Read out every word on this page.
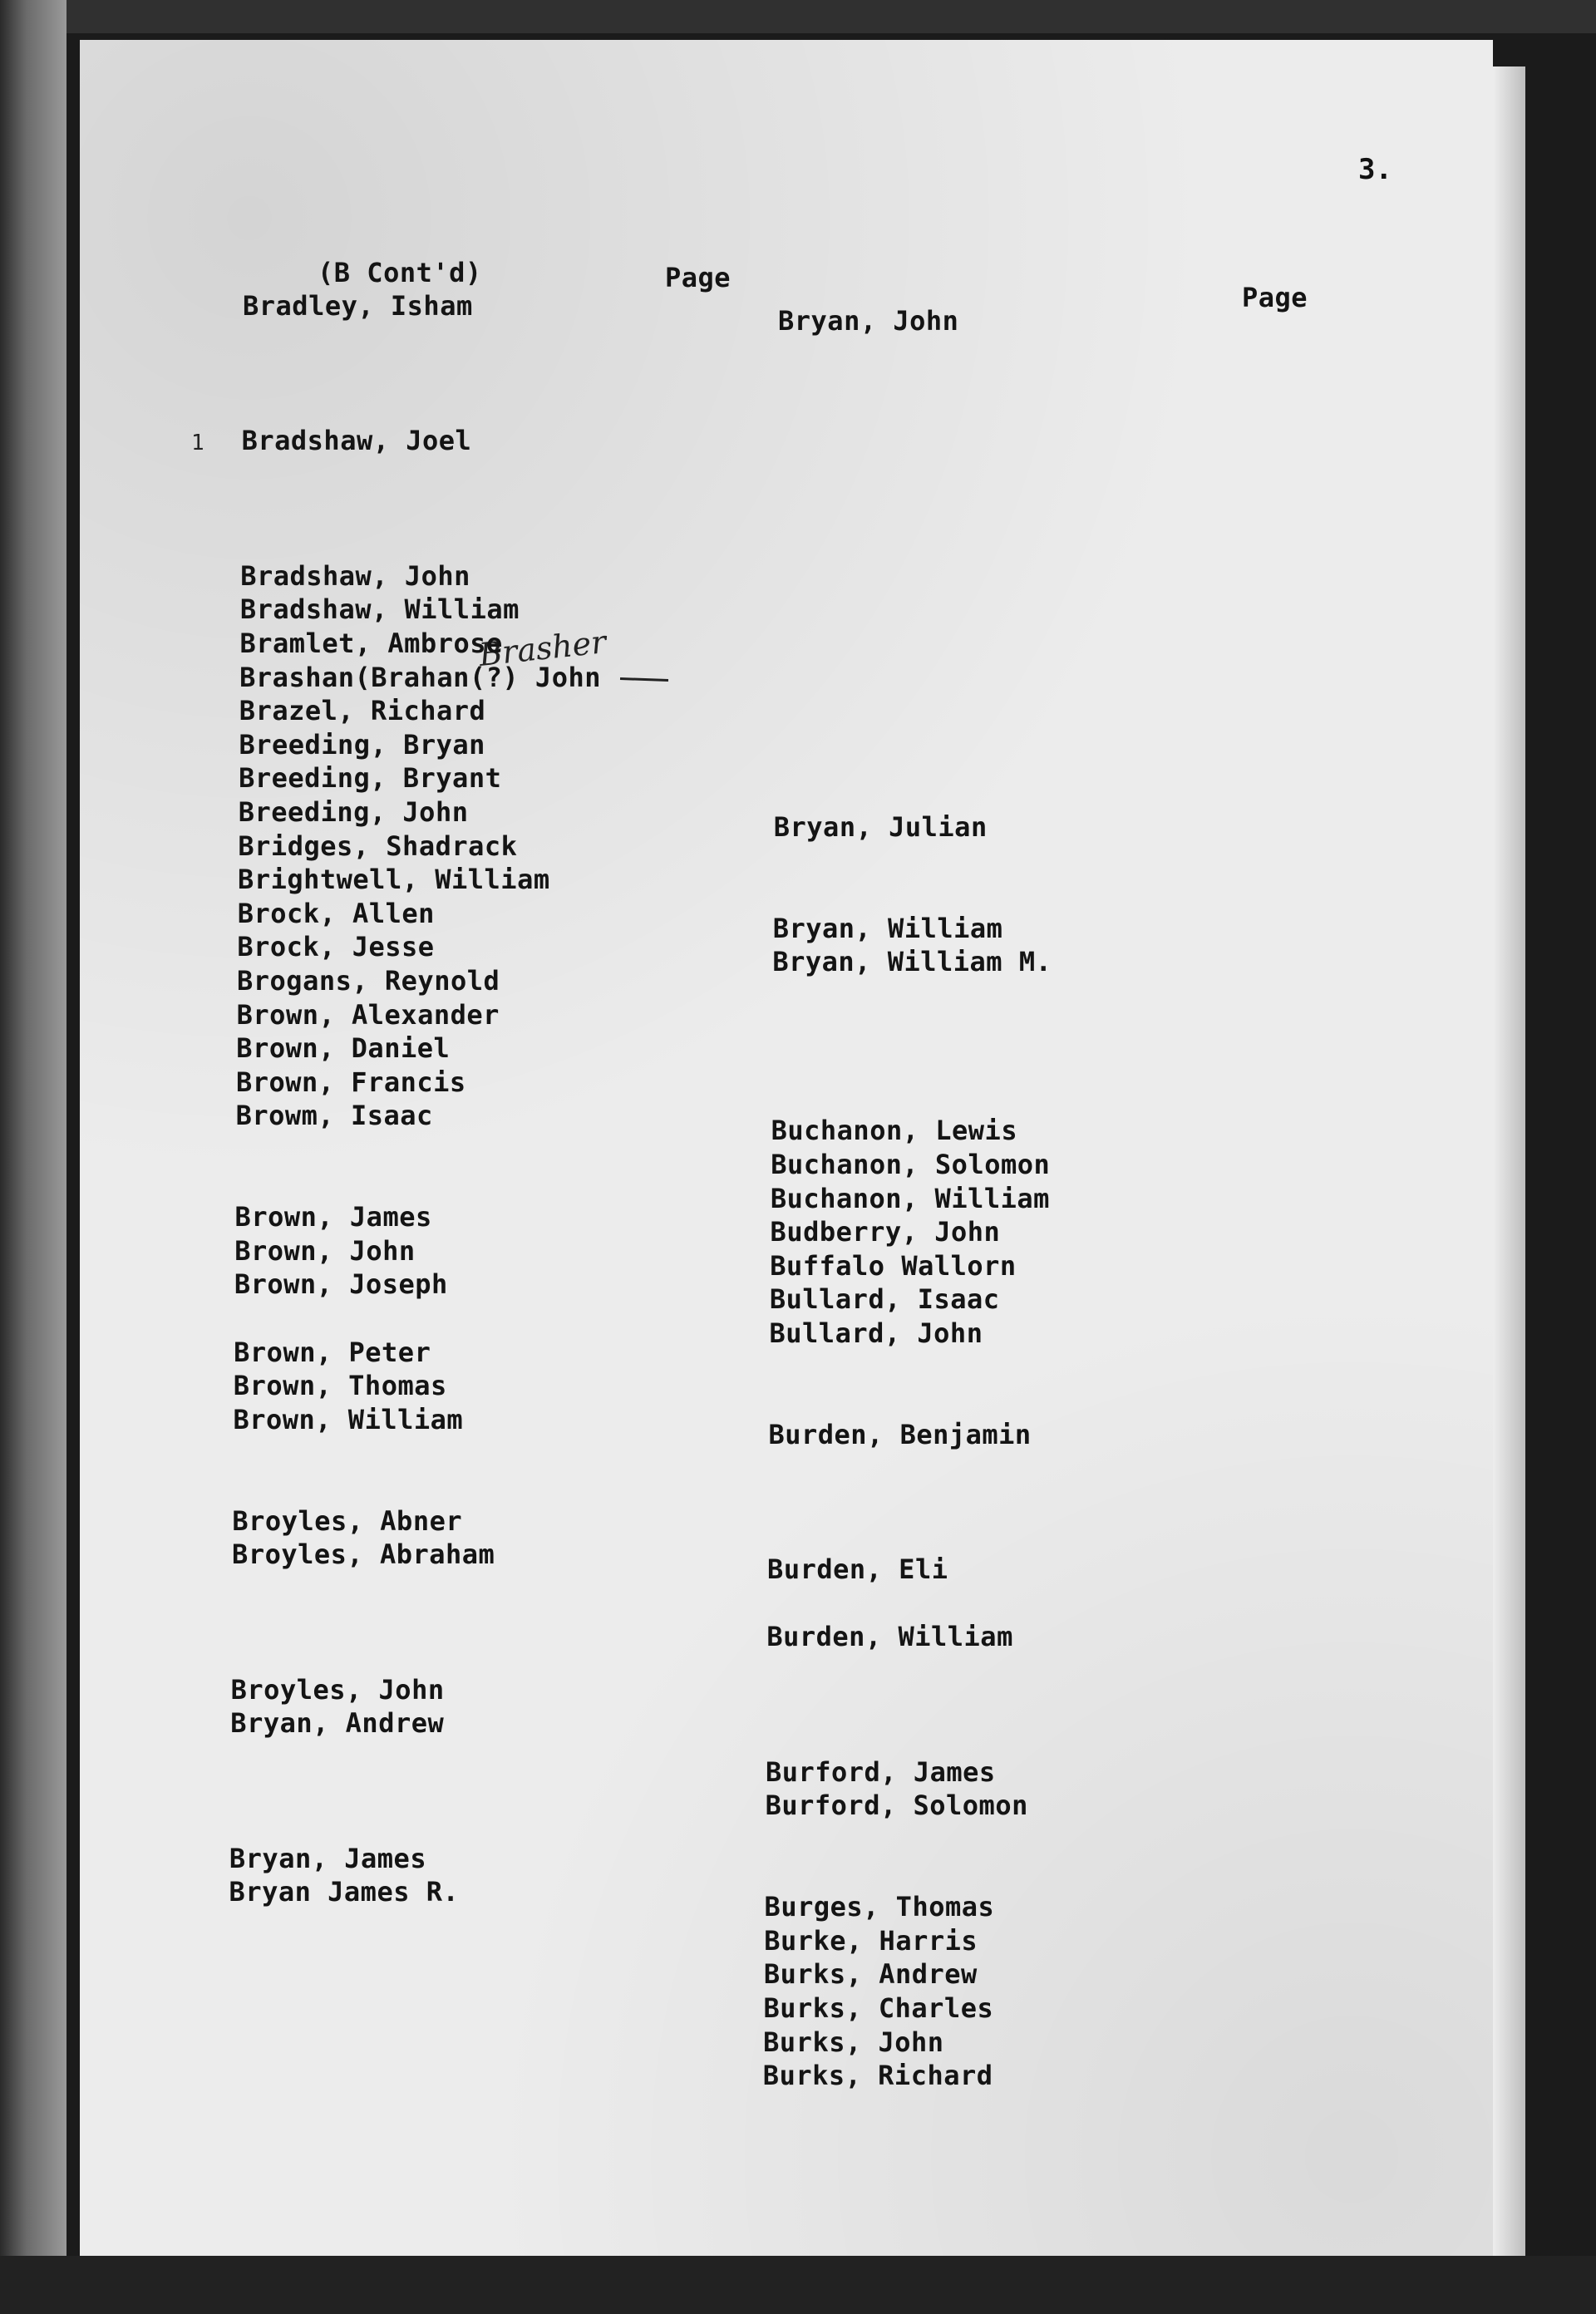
3.
(B Cont'd)	Page
Page
1
Brasher
Bradley, Isham
Bradshaw, Joel
Bradshaw, John
Bradshaw, William
Bramlet, Ambrose
Brashan(Brahan(?) John
Brazel, Richard
Breeding, Bryan
Breeding, Bryant
Breeding, John
Bridges, Shadrack
Brightwell, William
Brock, Allen
Brock, Jesse
Brogans, Reynold
Brown, Alexander
Brown, Daniel
Brown, Francis
Browm, Isaac
Brown, James
Brown, John
Brown, Joseph
Brown, Peter
Brown, Thomas
Brown, William
Broyles, Abner
Broyles, Abraham
Broyles, John
Bryan, Andrew
Bryan, James
Bryan James R.
Bryan, John
Bryan, Julian
Bryan, William
Bryan, William M.
Buchanon, Lewis
Buchanon, Solomon
Buchanon, William
Budberry, John
Buffalo Wallorn
Bullard, Isaac
Bullard, John
Burden, Benjamin
Burden, Eli
Burden, William
Burford, James
Burford, Solomon
Burges, Thomas
Burke, Harris
Burks, Andrew
Burks, Charles
Burks, John
Burks, Richard
